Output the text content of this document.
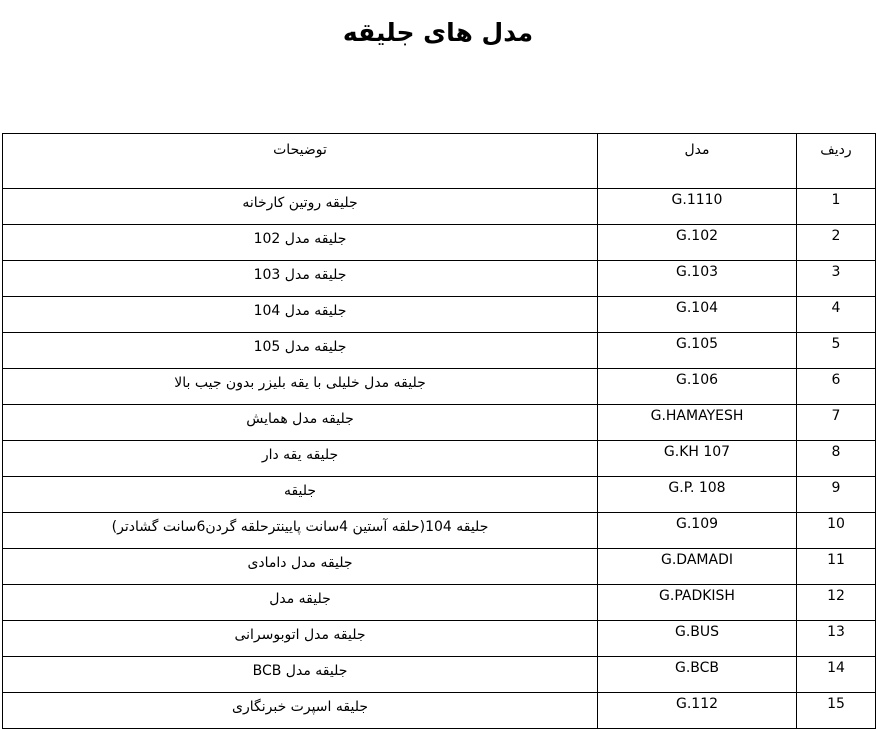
مدل های جلیقه
ردیف	مدل	توضیحات
1	G.1110	جلیقه روتین کارخانه
2	G.102	جلیقه مدل 102
3	G.103	جلیقه مدل 103
4	G.104	جلیقه مدل 104
5	G.105	جلیقه مدل 105
6	G.106	جلیقه مدل خلیلی با یقه بلیزر بدون جیب بالا
7	G.HAMAYESH	جلیقه مدل همایش
8	G.KH 107	جلیقه یقه دار
9	G.P. 108	جلیقه
10	G.109	جلیقه 104(حلقه آستین 4سانت پایینترحلقه گردن6سانت گشادتر)
11	G.DAMADI	جلیقه مدل دامادی
12	G.PADKISH	جلیقه مدل
13	G.BUS	جلیقه مدل اتوبوسرانی
14	G.BCB	جلیقه مدل BCB
15	G.112	جلیقه اسپرت خبرنگاری
